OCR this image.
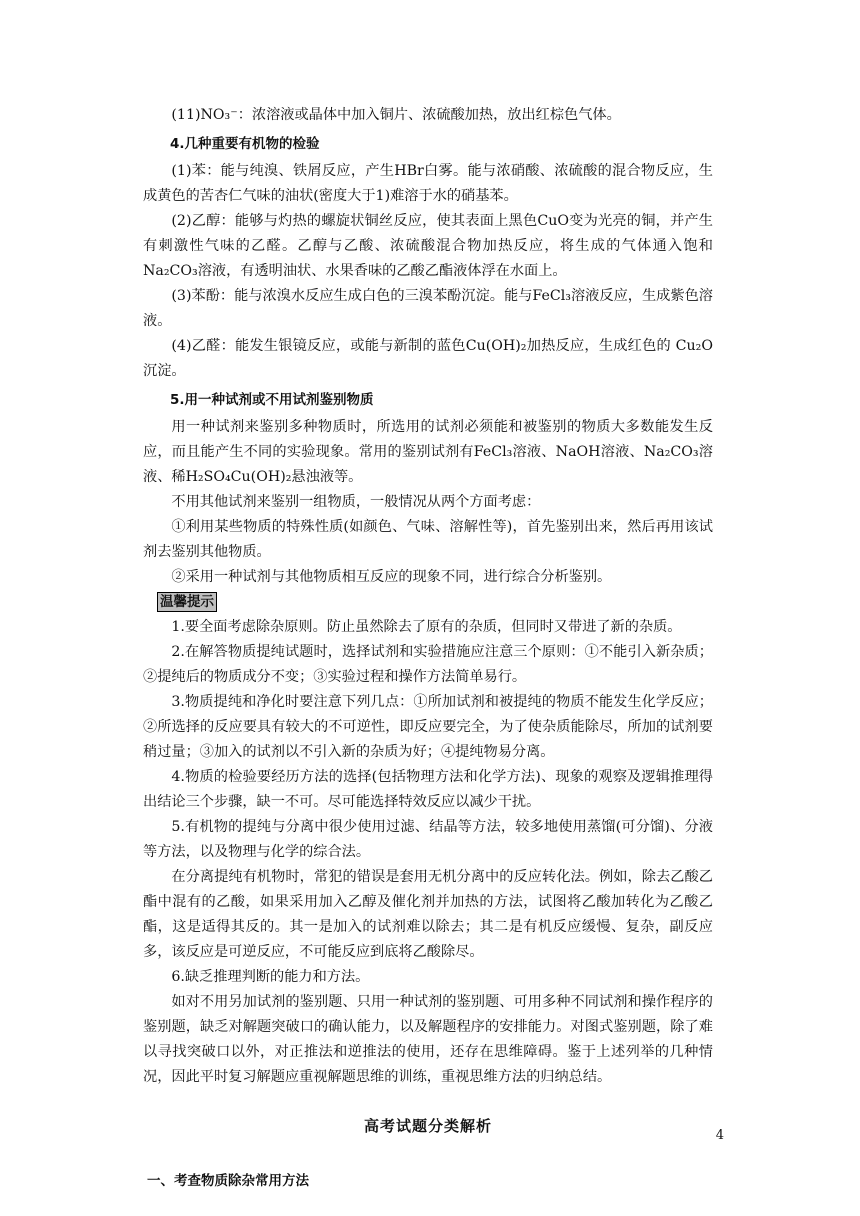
(11)NO₃⁻：浓溶液或晶体中加入铜片、浓硫酸加热，放出红棕色气体。

4.几种重要有机物的检验

(1)苯：能与纯溴、铁屑反应，产生HBr白雾。能与浓硝酸、浓硫酸的混合物反应，生成黄色的苦杏仁气味的油状(密度大于1)难溶于水的硝基苯。

(2)乙醇：能够与灼热的螺旋状铜丝反应，使其表面上黑色CuO变为光亮的铜，并产生有刺激性气味的乙醛。乙醇与乙酸、浓硫酸混合物加热反应，将生成的气体通入饱和Na₂CO₃溶液，有透明油状、水果香味的乙酸乙酯液体浮在水面上。

(3)苯酚：能与浓溴水反应生成白色的三溴苯酚沉淀。能与FeCl₃溶液反应，生成紫色溶液。

(4)乙醛：能发生银镜反应，或能与新制的蓝色Cu(OH)₂加热反应，生成红色的 Cu₂O沉淀。

5.用一种试剂或不用试剂鉴别物质

用一种试剂来鉴别多种物质时，所选用的试剂必须能和被鉴别的物质大多数能发生反应，而且能产生不同的实验现象。常用的鉴别试剂有FeCl₃溶液、NaOH溶液、Na₂CO₃溶液、稀H₂SO₄Cu(OH)₂悬浊液等。

不用其他试剂来鉴别一组物质，一般情况从两个方面考虑：

①利用某些物质的特殊性质(如颜色、气味、溶解性等)，首先鉴别出来，然后再用该试剂去鉴别其他物质。

②采用一种试剂与其他物质相互反应的现象不同，进行综合分析鉴别。

温馨提示

1.要全面考虑除杂原则。防止虽然除去了原有的杂质，但同时又带进了新的杂质。

2.在解答物质提纯试题时，选择试剂和实验措施应注意三个原则：①不能引入新杂质；②提纯后的物质成分不变；③实验过程和操作方法简单易行。

3.物质提纯和净化时要注意下列几点：①所加试剂和被提纯的物质不能发生化学反应；②所选择的反应要具有较大的不可逆性，即反应要完全，为了使杂质能除尽，所加的试剂要稍过量；③加入的试剂以不引入新的杂质为好；④提纯物易分离。

4.物质的检验要经历方法的选择(包括物理方法和化学方法)、现象的观察及逻辑推理得出结论三个步骤，缺一不可。尽可能选择特效反应以减少干扰。

5.有机物的提纯与分离中很少使用过滤、结晶等方法，较多地使用蒸馏(可分馏)、分液等方法，以及物理与化学的综合法。

在分离提纯有机物时，常犯的错误是套用无机分离中的反应转化法。例如，除去乙酸乙酯中混有的乙酸，如果采用加入乙醇及催化剂并加热的方法，试图将乙酸加转化为乙酸乙酯，这是适得其反的。其一是加入的试剂难以除去；其二是有机反应缓慢、复杂，副反应多，该反应是可逆反应，不可能反应到底将乙酸除尽。

6.缺乏推理判断的能力和方法。

如对不用另加试剂的鉴别题、只用一种试剂的鉴别题、可用多种不同试剂和操作程序的鉴别题，缺乏对解题突破口的确认能力，以及解题程序的安排能力。对图式鉴别题，除了难以寻找突破口以外，对正推法和逆推法的使用，还存在思维障碍。鉴于上述列举的几种情况，因此平时复习解题应重视解题思维的训练，重视思维方法的归纳总结。

高考试题分类解析

一、考查物质除杂常用方法

4
